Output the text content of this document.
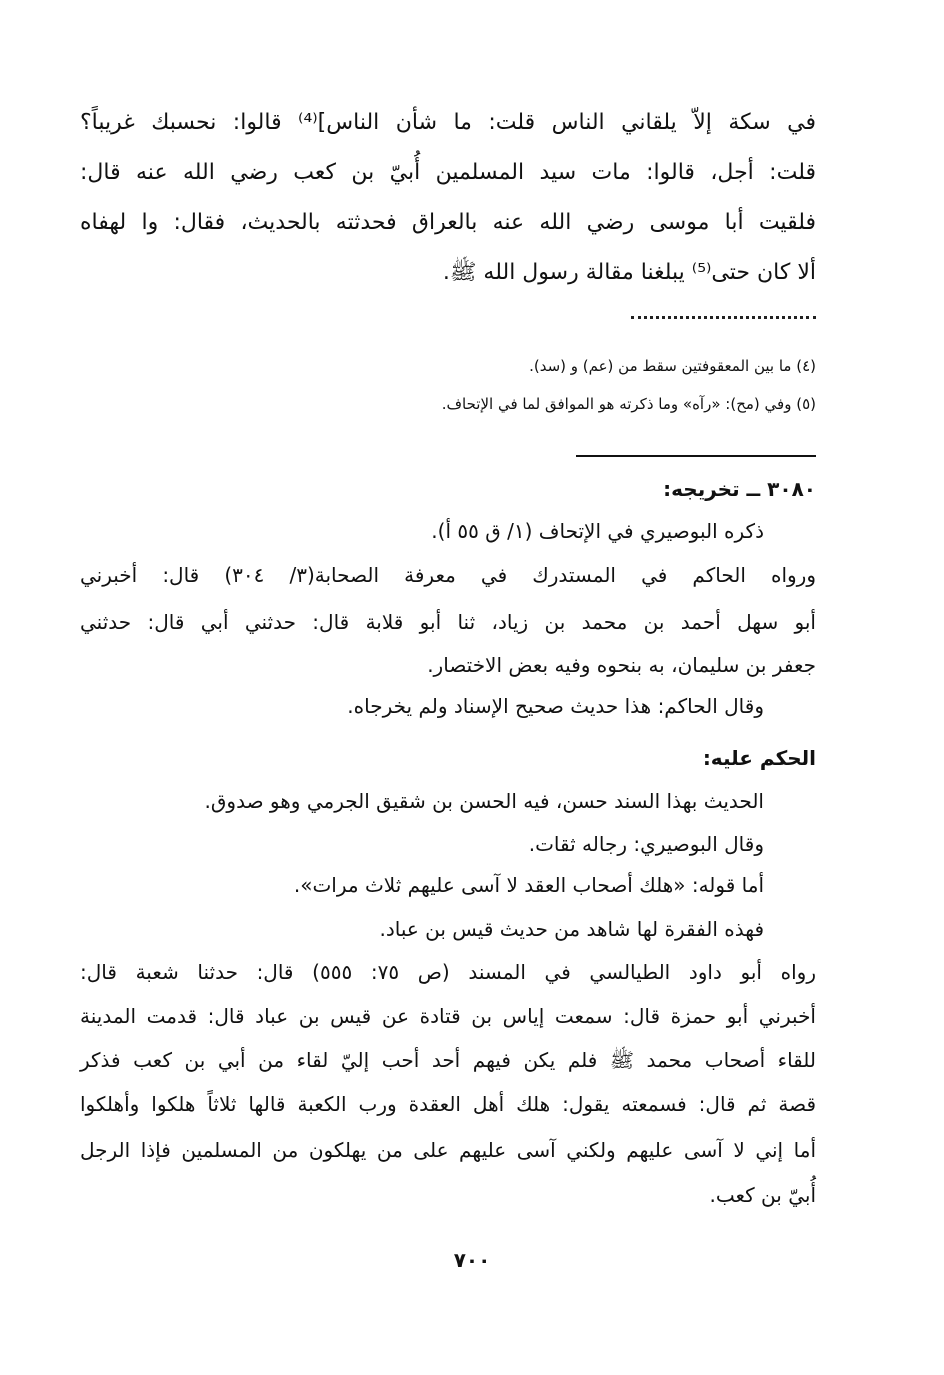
في سكة إلاّ يلقاني الناس قلت: ما شأن الناس]⁽⁴⁾ قالوا: نحسبك غريباً؟
قلت: أجل، قالوا: مات سيد المسلمين أُبيّ بن كعب رضي الله عنه قال:
فلقيت أبا موسى رضي الله عنه بالعراق فحدثته بالحديث، فقال: وا لهفاه
ألا كان حتى⁽⁵⁾ يبلغنا مقالة رسول الله ﷺ.
(٤) ما بين المعقوفتين سقط من (عم) و (سد).
(٥) وفي (مح): «رآه» وما ذكرته هو الموافق لما في الإتحاف.
٣٠٨٠ ــ تخريجه:
ذكره البوصيري في الإتحاف (١/ ق ٥٥ أ).
ورواه الحاكم في المستدرك في معرفة الصحابة(٣/ ٣٠٤) قال: أخبرني
أبو سهل أحمد بن محمد بن زياد، ثنا أبو قلابة قال: حدثني أبي قال: حدثني
جعفر بن سليمان، به بنحوه وفيه بعض الاختصار.
وقال الحاكم: هذا حديث صحيح الإسناد ولم يخرجاه.
الحكم عليه:
الحديث بهذا السند حسن، فيه الحسن بن شقيق الجرمي وهو صدوق.
وقال البوصيري: رجاله ثقات.
أما قوله: «هلك أصحاب العقد لا آسى عليهم ثلاث مرات».
فهذه الفقرة لها شاهد من حديث قيس بن عباد.
رواه أبو داود الطيالسي في المسند (ص ٧٥: ٥٥٥) قال: حدثنا شعبة قال:
أخبرني أبو حمزة قال: سمعت إياس بن قتادة عن قيس بن عباد قال: قدمت المدينة
للقاء أصحاب محمد ﷺ فلم يكن فيهم أحد أحب إليّ لقاء من أبي بن كعب فذكر
قصة ثم قال: فسمعته يقول: هلك أهل العقدة ورب الكعبة قالها ثلاثاً هلكوا وأهلكوا
أما إني لا آسى عليهم ولكني آسى عليهم على من يهلكون من المسلمين فإذا الرجل
أُبيّ بن كعب.
٧٠٠
